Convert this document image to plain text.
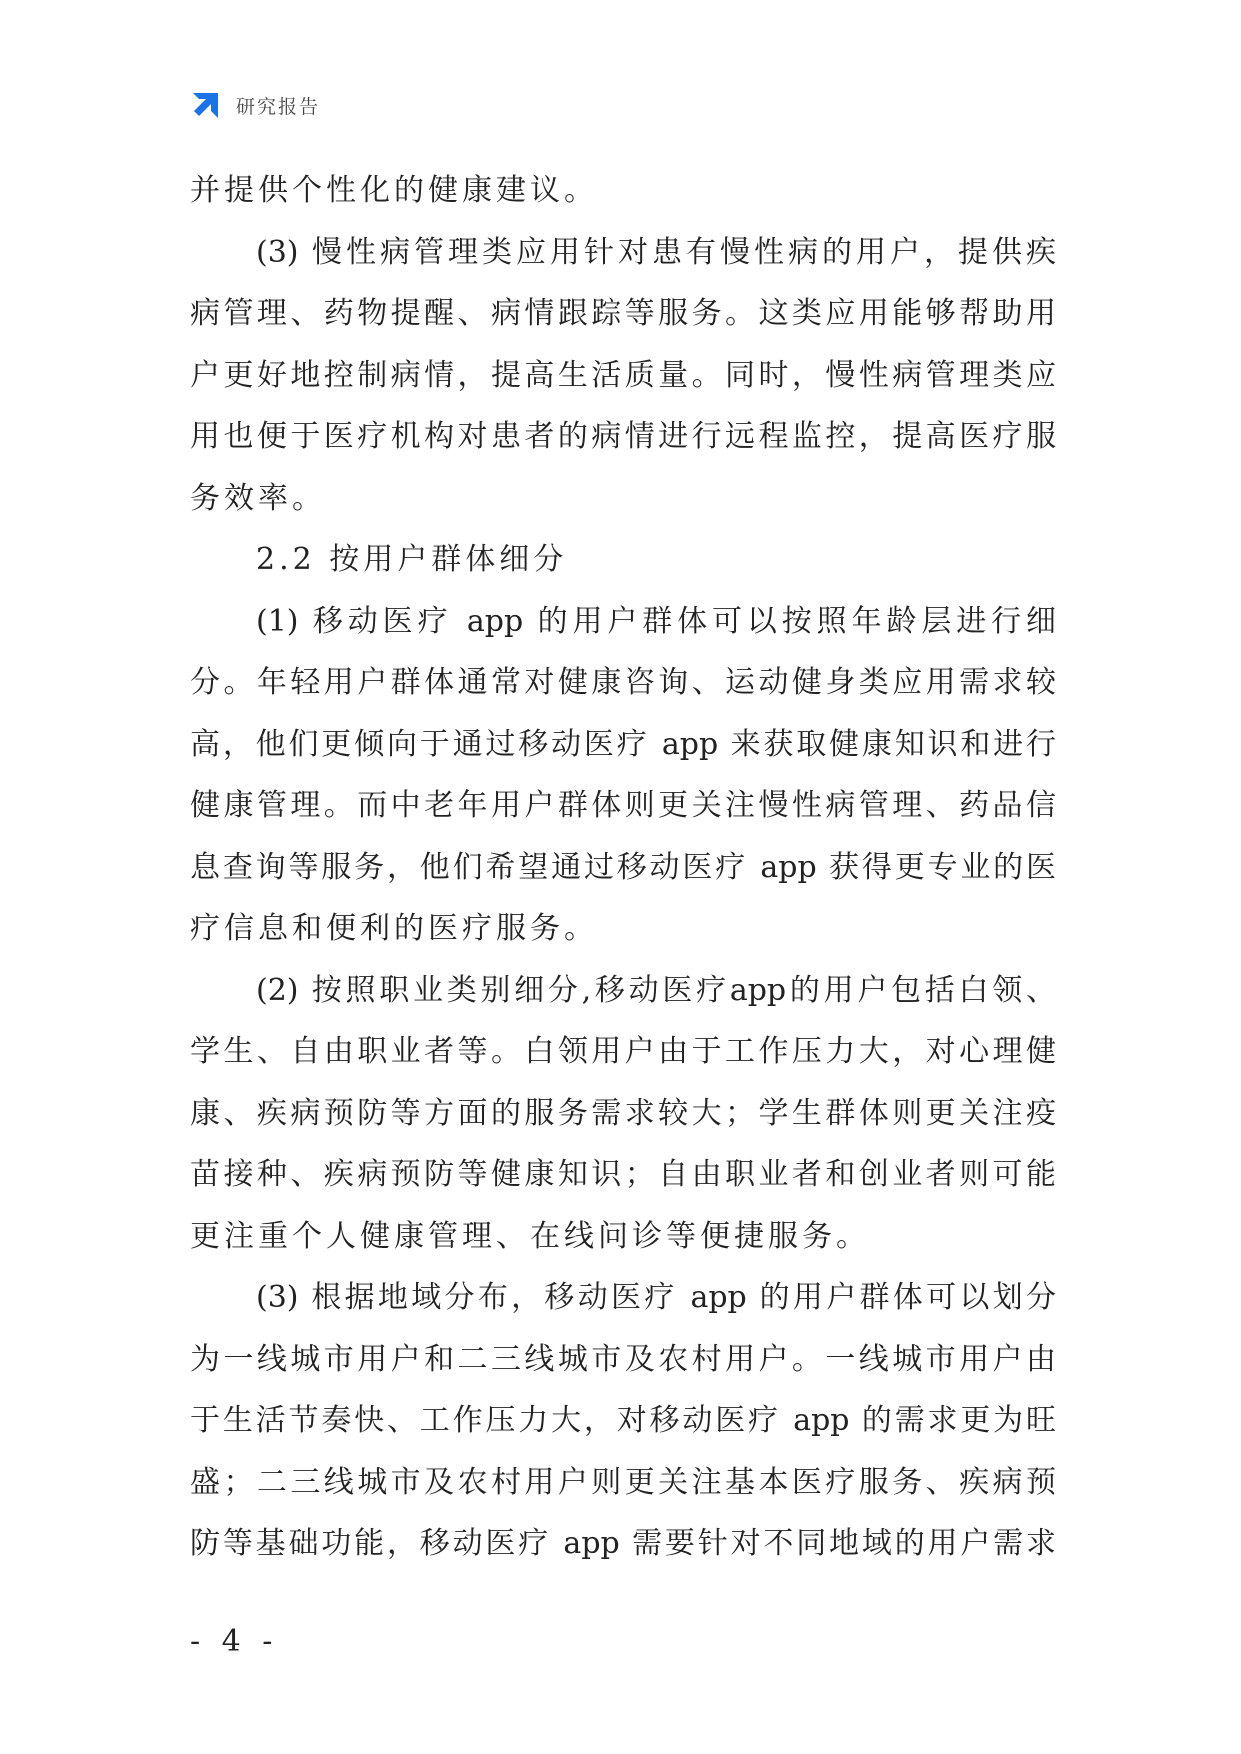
研究报告
并提供个性化的健康建议。
(3) 慢性病管理类应用针对患有慢性病的用户，提供疾
病管理、药物提醒、病情跟踪等服务。这类应用能够帮助用
户更好地控制病情，提高生活质量。同时，慢性病管理类应
用也便于医疗机构对患者的病情进行远程监控，提高医疗服
务效率。
2.2 按用户群体细分
(1) 移动医疗 app 的用户群体可以按照年龄层进行细
分。年轻用户群体通常对健康咨询、运动健身类应用需求较
高，他们更倾向于通过移动医疗 app 来获取健康知识和进行
健康管理。而中老年用户群体则更关注慢性病管理、药品信
息查询等服务，他们希望通过移动医疗 app 获得更专业的医
疗信息和便利的医疗服务。
(2) 按照职业类别细分,移动医疗app的用户包括白领、
学生、自由职业者等。白领用户由于工作压力大，对心理健
康、疾病预防等方面的服务需求较大；学生群体则更关注疫
苗接种、疾病预防等健康知识；自由职业者和创业者则可能
更注重个人健康管理、在线问诊等便捷服务。
(3) 根据地域分布，移动医疗 app 的用户群体可以划分
为一线城市用户和二三线城市及农村用户。一线城市用户由
于生活节奏快、工作压力大，对移动医疗 app 的需求更为旺
盛；二三线城市及农村用户则更关注基本医疗服务、疾病预
防等基础功能，移动医疗 app 需要针对不同地域的用户需求
- 4 -
